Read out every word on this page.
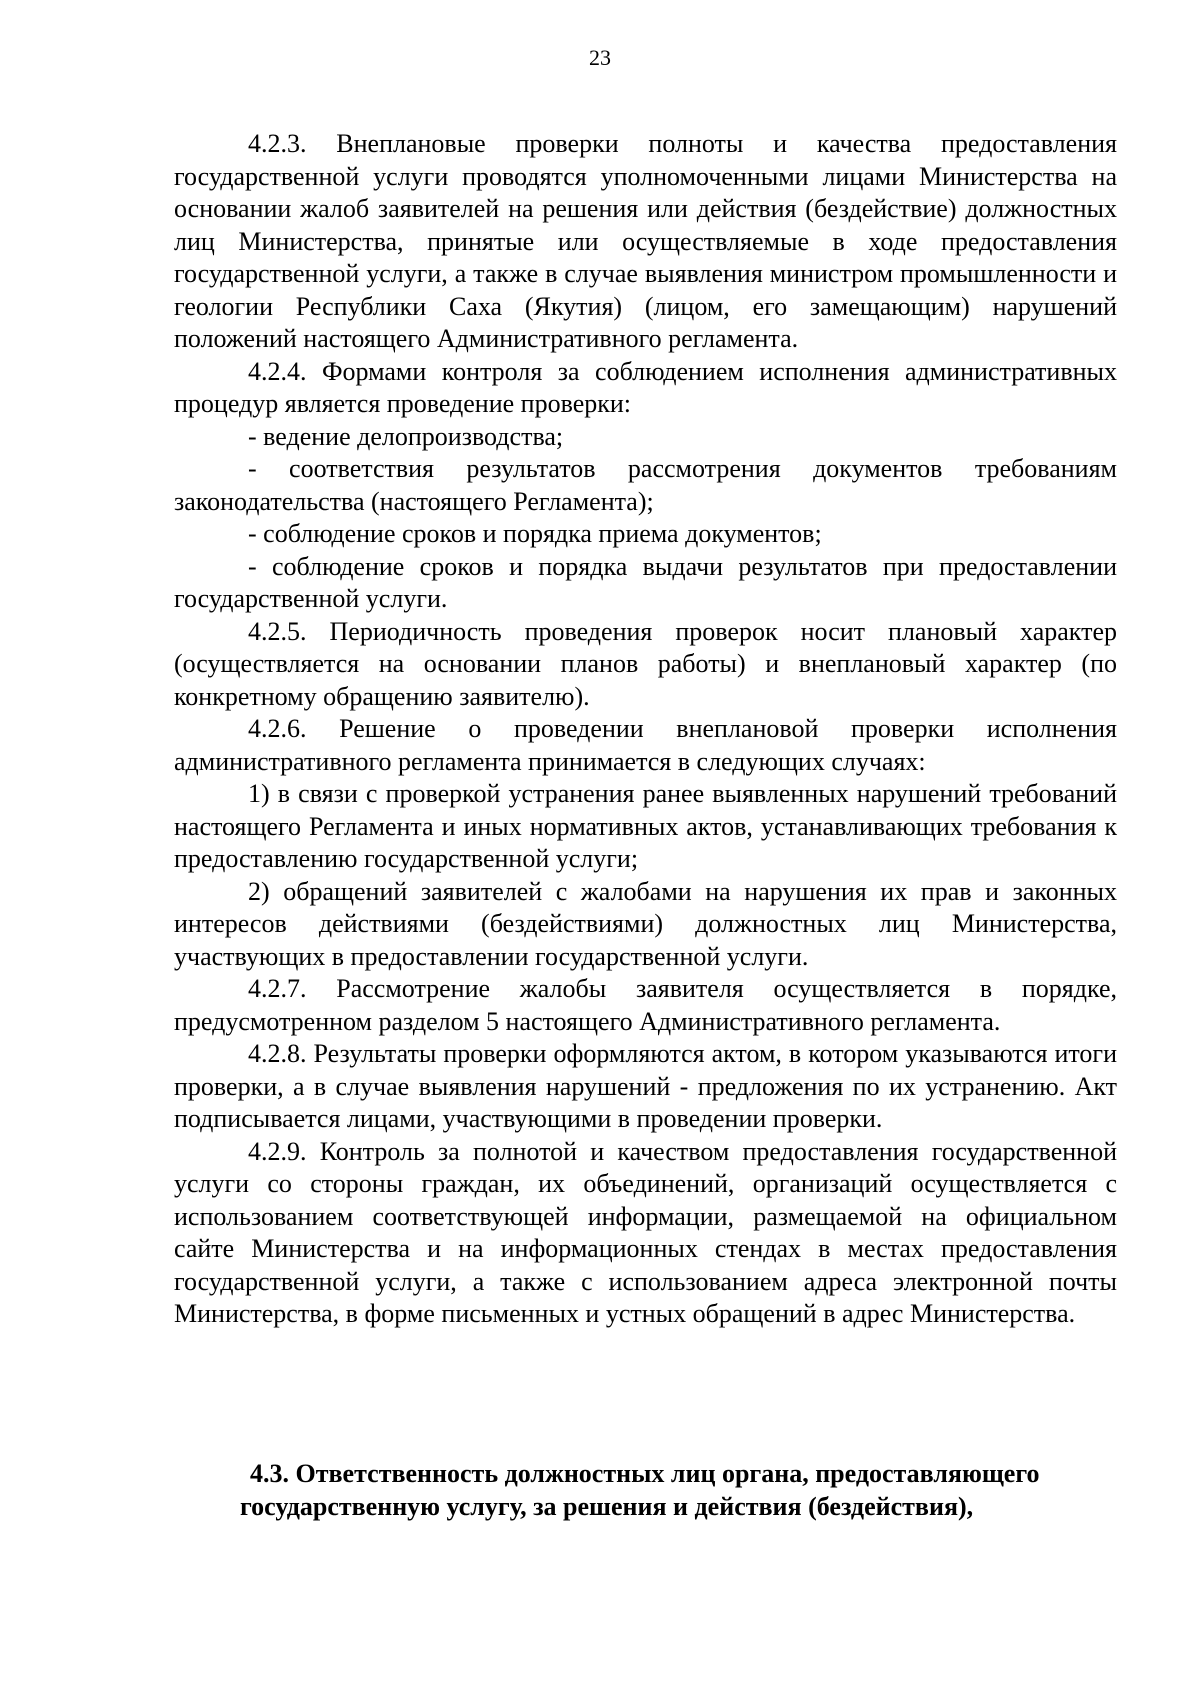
23

4.2.3. Внеплановые проверки полноты и качества предоставления государственной услуги проводятся уполномоченными лицами Министерства на основании жалоб заявителей на решения или действия (бездействие) должностных лиц Министерства, принятые или осуществляемые в ходе предоставления государственной услуги, а также в случае выявления министром промышленности и геологии Республики Саха (Якутия) (лицом, его замещающим) нарушений положений настоящего Административного регламента.

4.2.4. Формами контроля за соблюдением исполнения административных процедур является проведение проверки:

- ведение делопроизводства;

- соответствия результатов рассмотрения документов требованиям законодательства (настоящего Регламента);

- соблюдение сроков и порядка приема документов;

- соблюдение сроков и порядка выдачи результатов при предоставлении государственной услуги.

4.2.5. Периодичность проведения проверок носит плановый характер (осуществляется на основании планов работы) и внеплановый характер (по конкретному обращению заявителю).

4.2.6. Решение о проведении внеплановой проверки исполнения административного регламента принимается в следующих случаях:

1) в связи с проверкой устранения ранее выявленных нарушений требований настоящего Регламента и иных нормативных актов, устанавливающих требования к предоставлению государственной услуги;

2) обращений заявителей с жалобами на нарушения их прав и законных интересов действиями (бездействиями) должностных лиц Министерства, участвующих в предоставлении государственной услуги.

4.2.7. Рассмотрение жалобы заявителя осуществляется в порядке, предусмотренном разделом 5 настоящего Административного регламента.

4.2.8. Результаты проверки оформляются актом, в котором указываются итоги проверки, а в случае выявления нарушений - предложения по их устранению. Акт подписывается лицами, участвующими в проведении проверки.

4.2.9. Контроль за полнотой и качеством предоставления государственной услуги со стороны граждан, их объединений, организаций осуществляется с использованием соответствующей информации, размещаемой на официальном сайте Министерства и на информационных стендах в местах предоставления государственной услуги, а также с использованием адреса электронной почты Министерства, в форме письменных и устных обращений в адрес Министерства.

4.3. Ответственность должностных лиц органа, предоставляющего
государственную услугу, за решения и действия (бездействия),
